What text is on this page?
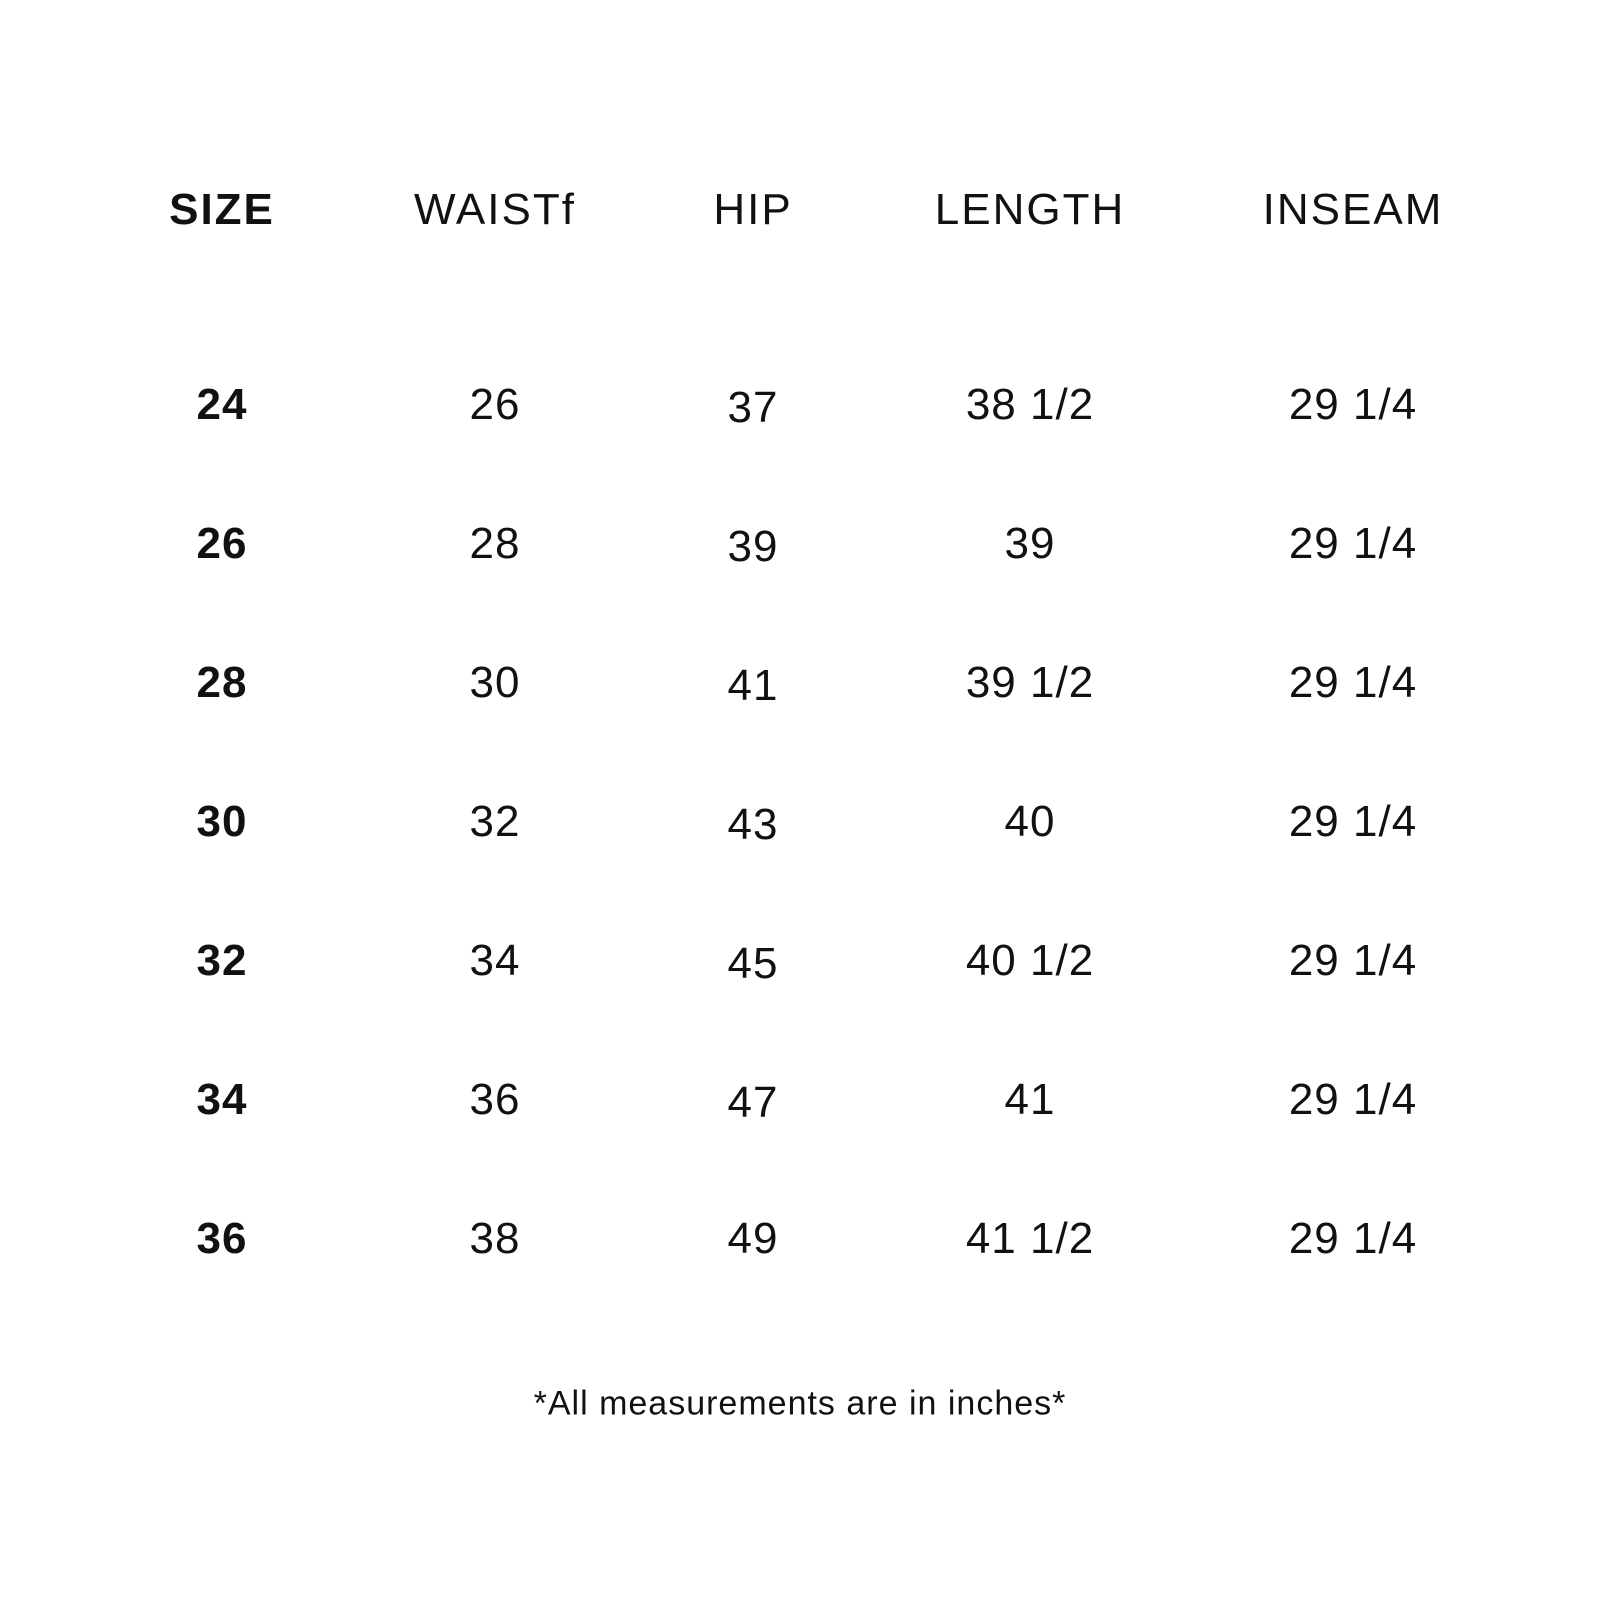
SIZE	WAISTf	HIP	LENGTH	INSEAM
24	26	37	38 1/2	29 1/4
26	28	39	39	29 1/4
28	30	41	39 1/2	29 1/4
30	32	43	40	29 1/4
32	34	45	40 1/2	29 1/4
34	36	47	41	29 1/4
36	38	49	41 1/2	29 1/4
*All measurements are in inches*
